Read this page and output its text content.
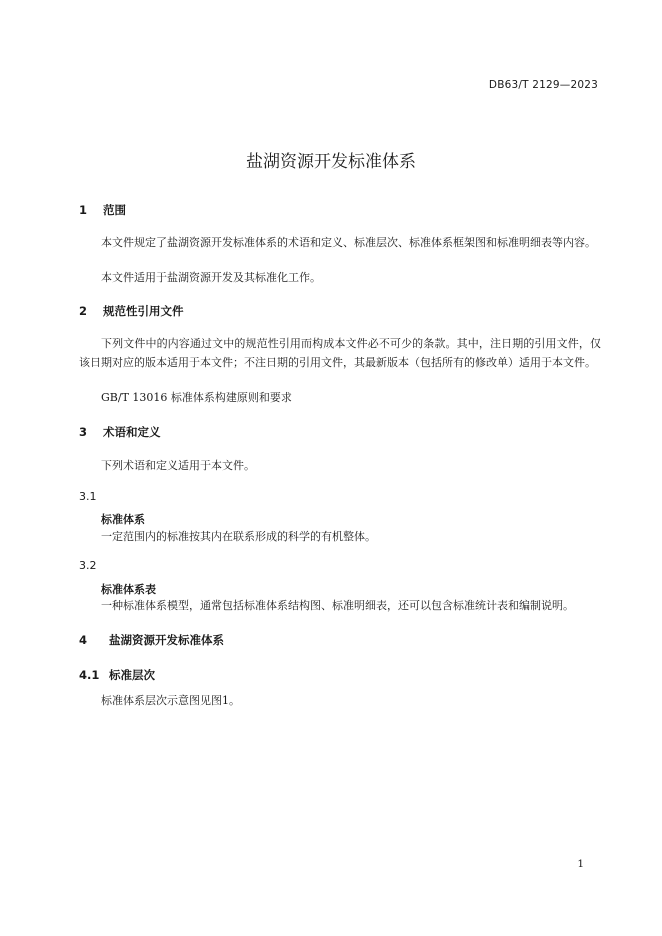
DB63/T 2129—2023
盐湖资源开发标准体系
1 范围
本文件规定了盐湖资源开发标准体系的术语和定义、标准层次、标准体系框架图和标准明细表等内容。
本文件适用于盐湖资源开发及其标准化工作。
2 规范性引用文件
下列文件中的内容通过文中的规范性引用而构成本文件必不可少的条款。其中，注日期的引用文件，仅该日期对应的版本适用于本文件；不注日期的引用文件，其最新版本（包括所有的修改单）适用于本文件。
GB/T 13016 标准体系构建原则和要求
3 术语和定义
下列术语和定义适用于本文件。
3.1
标准体系
一定范围内的标准按其内在联系形成的科学的有机整体。
3.2
标准体系表
一种标准体系模型，通常包括标准体系结构图、标准明细表，还可以包含标准统计表和编制说明。
4 盐湖资源开发标准体系
4.1 标准层次
标准体系层次示意图见图1。
1
